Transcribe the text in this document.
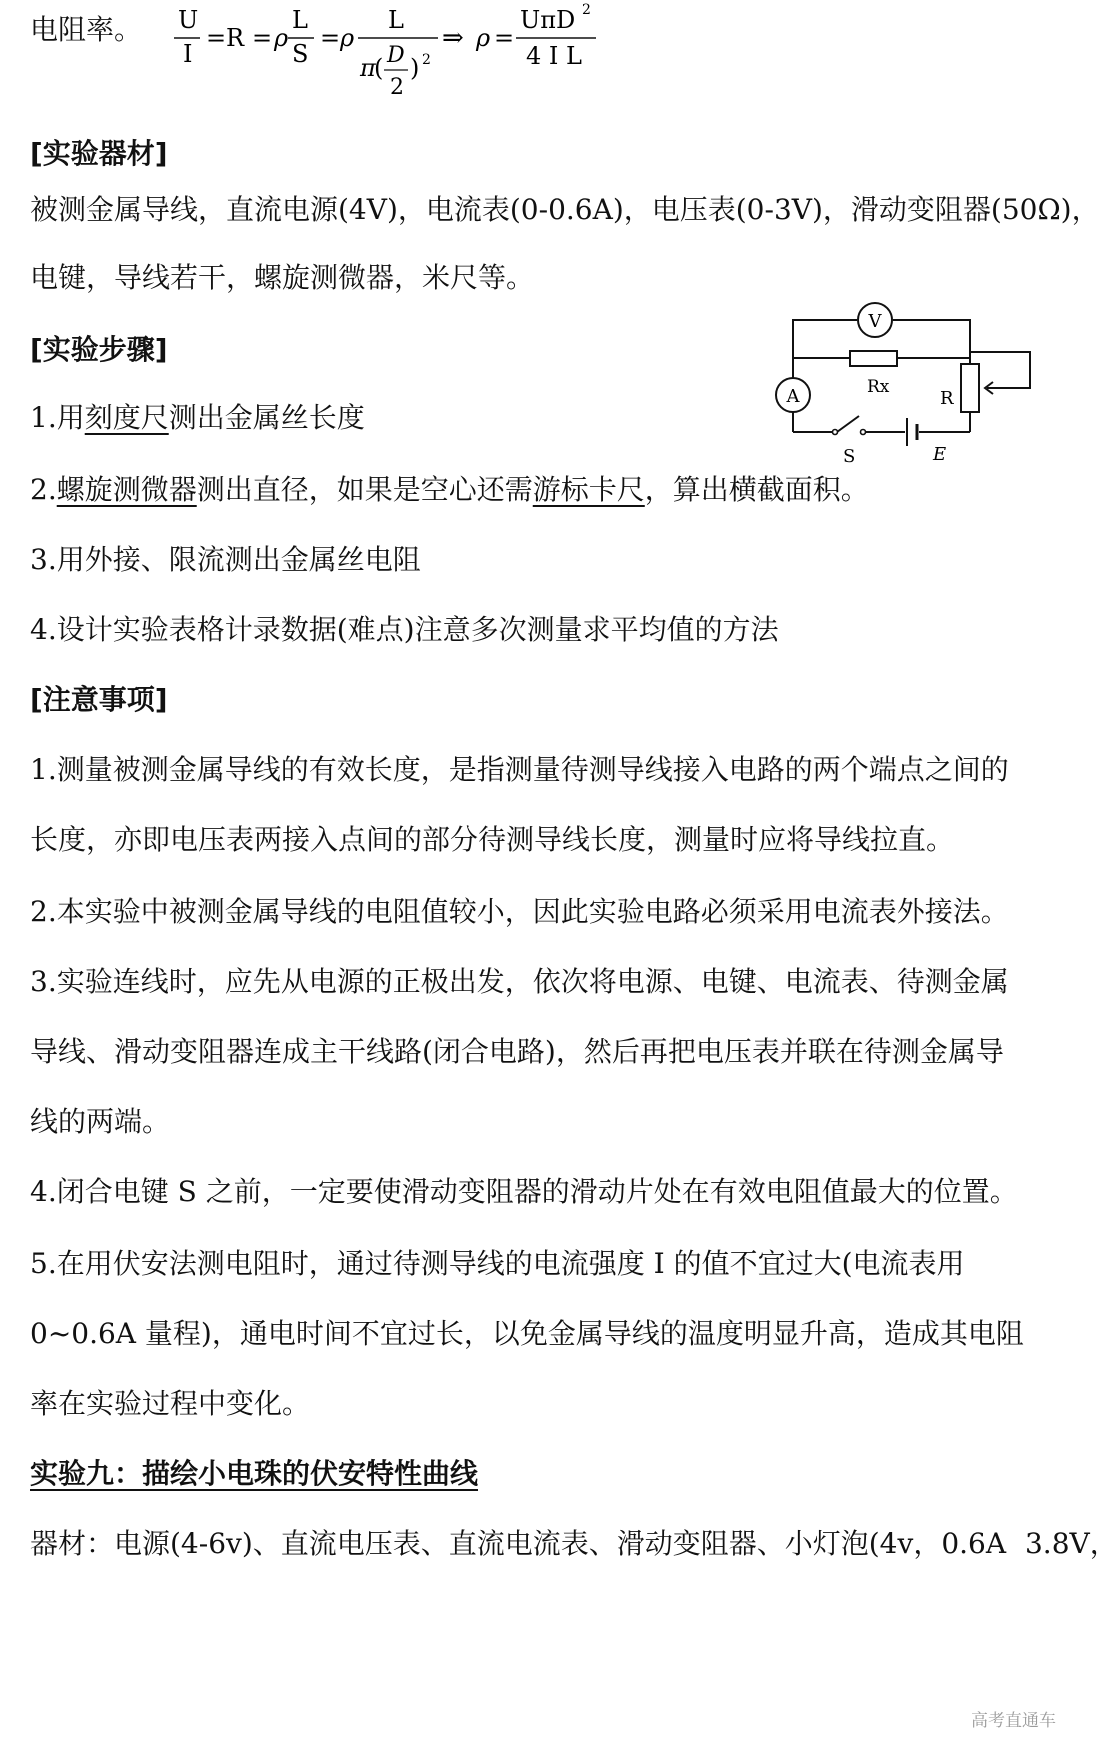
电阻率。 U
I
= R = ρ
L
S
= ρ
L
π
( D
2
) 2
⇒ ρ =
UπD 2
4 I L
[实验器材]
被测金属导线，直流电源(4V)，电流表(0-0.6A)，电压表(0-3V)，滑动变阻器(50Ω)，
电键，导线若干，螺旋测微器，米尺等。
[实验步骤]
1.用刻度尺测出金属丝长度
2.螺旋测微器测出直径，如果是空心还需游标卡尺，算出横截面积。
3.用外接、限流测出金属丝电阻
4.设计实验表格计录数据(难点)注意多次测量求平均值的方法
[注意事项]
1.测量被测金属导线的有效长度，是指测量待测导线接入电路的两个端点之间的
长度，亦即电压表两接入点间的部分待测导线长度，测量时应将导线拉直。
2.本实验中被测金属导线的电阻值较小，因此实验电路必须采用电流表外接法。
3.实验连线时，应先从电源的正极出发，依次将电源、电键、电流表、待测金属
导线、滑动变阻器连成主干线路(闭合电路)，然后再把电压表并联在待测金属导
线的两端。
4.闭合电键 S 之前，一定要使滑动变阻器的滑动片处在有效电阻值最大的位置。
5.在用伏安法测电阻时，通过待测导线的电流强度 I 的值不宜过大(电流表用
0~0.6A 量程)，通电时间不宜过长，以免金属导线的温度明显升高，造成其电阻
率在实验过程中变化。
实验九：描绘小电珠的伏安特性曲线
器材：电源(4-6v)、直流电压表、直流电流表、滑动变阻器、小灯泡(4v，0.6A 3.8V，
V
A	Rx
R
S	E
高考直通车
